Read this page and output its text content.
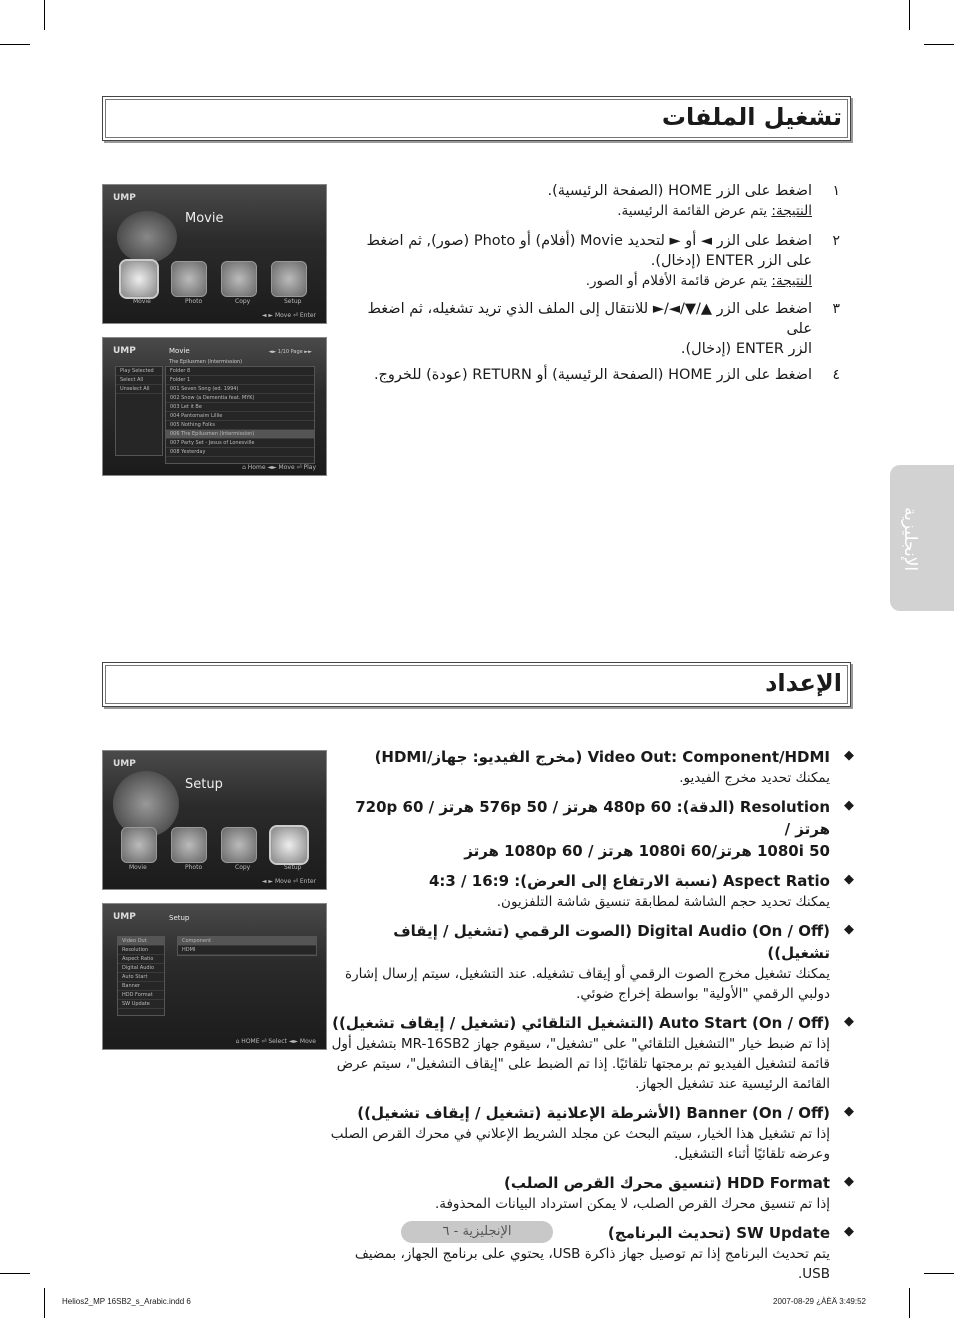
تشغيل الملفات
UMP
Movie
Movie	Photo	Copy	Setup
◄ ► Move ⏎ Enter
UMP	Movie	◄► 1/10 Page ►►
The Epilusmen (Intermission)
Play Selected
Select All
Unselect All
Folder 8
Folder 1
001 Seven Song (ed. 1994)
002 Snow (a Dementia feat. MYK)
003 Let it Be
004 Pantomaim Lillie
005 Nothing Folks
006 The Epilusmen (Intermission)
007 Party Set - Jesus of Lonesville
008 Yesterday
⌂ Home ◄► Move ⏎ Play
١
اضغط على الزر HOME (الصفحة الرئيسية).
النتيجة: يتم عرض القائمة الرئيسية.
٢
اضغط على الزر ◄ أو ► لتحديد Movie (أفلام) أو Photo (صور), ثم اضغط
على الزر ENTER (إدخال).
النتيجة: يتم عرض قائمة الأفلام أو الصور.
٣
اضغط على الزر ▲/▼/◄/► للانتقال إلى الملف الذي تريد تشغيله، ثم اضغط على
الزر ENTER (إدخال).
٤
اضغط على الزر HOME (الصفحة الرئيسية) أو RETURN (عودة) للخروج.
الإنجليزية
الإعداد
UMP
Setup
Movie	Photo	Copy	Setup
◄ ► Move ⏎ Enter
UMP	Setup
Video Out
Resolution
Aspect Ratio
Digital Audio
Auto Start
Banner
HDD Format
SW Update
Component
HDMI
⌂ HOME ⏎ Select ◄► Move
◆
Video Out: Component/HDMI (مخرج الفيديو: جهاز/HDMI)
يمكنك تحديد مخرج الفيديو.
◆
Resolution (الدقة): 480p 60 هرتز / 576p 50 هرتز / 720p 60 هرتز /
1080i 50 هرتز/1080i 60 هرتز / 1080p 60 هرتز
◆
Aspect Ratio (نسبة الارتفاع إلى العرض): 16:9 / 4:3
يمكنك تحديد حجم الشاشة لمطابقة تنسيق شاشة التلفزيون.
◆
Digital Audio (On / Off) (الصوت الرقمي (تشغيل / إيقاف تشغيل))
يمكنك تشغيل مخرج الصوت الرقمي أو إيقاف تشغيله. عند التشغيل، سيتم إرسال إشارة دولبي الرقمي "الأولية" بواسطة إخراج ضوئي.
◆
Auto Start (On / Off) (التشغيل التلقائي (تشغيل / إيقاف تشغيل))
إذا تم ضبط خيار "التشغيل التلقائي" على "تشغيل"، سيقوم جهاز MR-16SB2 بتشغيل أول قائمة لتشغيل الفيديو تم برمجتها تلقائيًا. إذا تم الضبط على "إيقاف التشغيل"، سيتم عرض القائمة الرئيسية عند تشغيل الجهاز.
◆
Banner (On / Off) (الأشرطة الإعلانية (تشغيل / إيقاف تشغيل))
إذا تم تشغيل هذا الخيار، سيتم البحث عن مجلد الشريط الإعلاني في محرك القرص الصلب وعرضه تلقائيًا أثناء التشغيل.
◆
HDD Format (تنسيق محرك القرص الصلب)
إذا تم تنسيق محرك القرص الصلب، لا يمكن استرداد البيانات المحذوفة.
◆
SW Update (تحديث البرنامج)
يتم تحديث البرنامج إذا تم توصيل جهاز ذاكرة USB، يحتوي على برنامج الجهاز، بمضيف USB.
الإنجليزية - ٦
Helios2_MP 16SB2_s_Arabic.indd 6	2007-08-29 ¿ÀÈÄ 3:49:52
